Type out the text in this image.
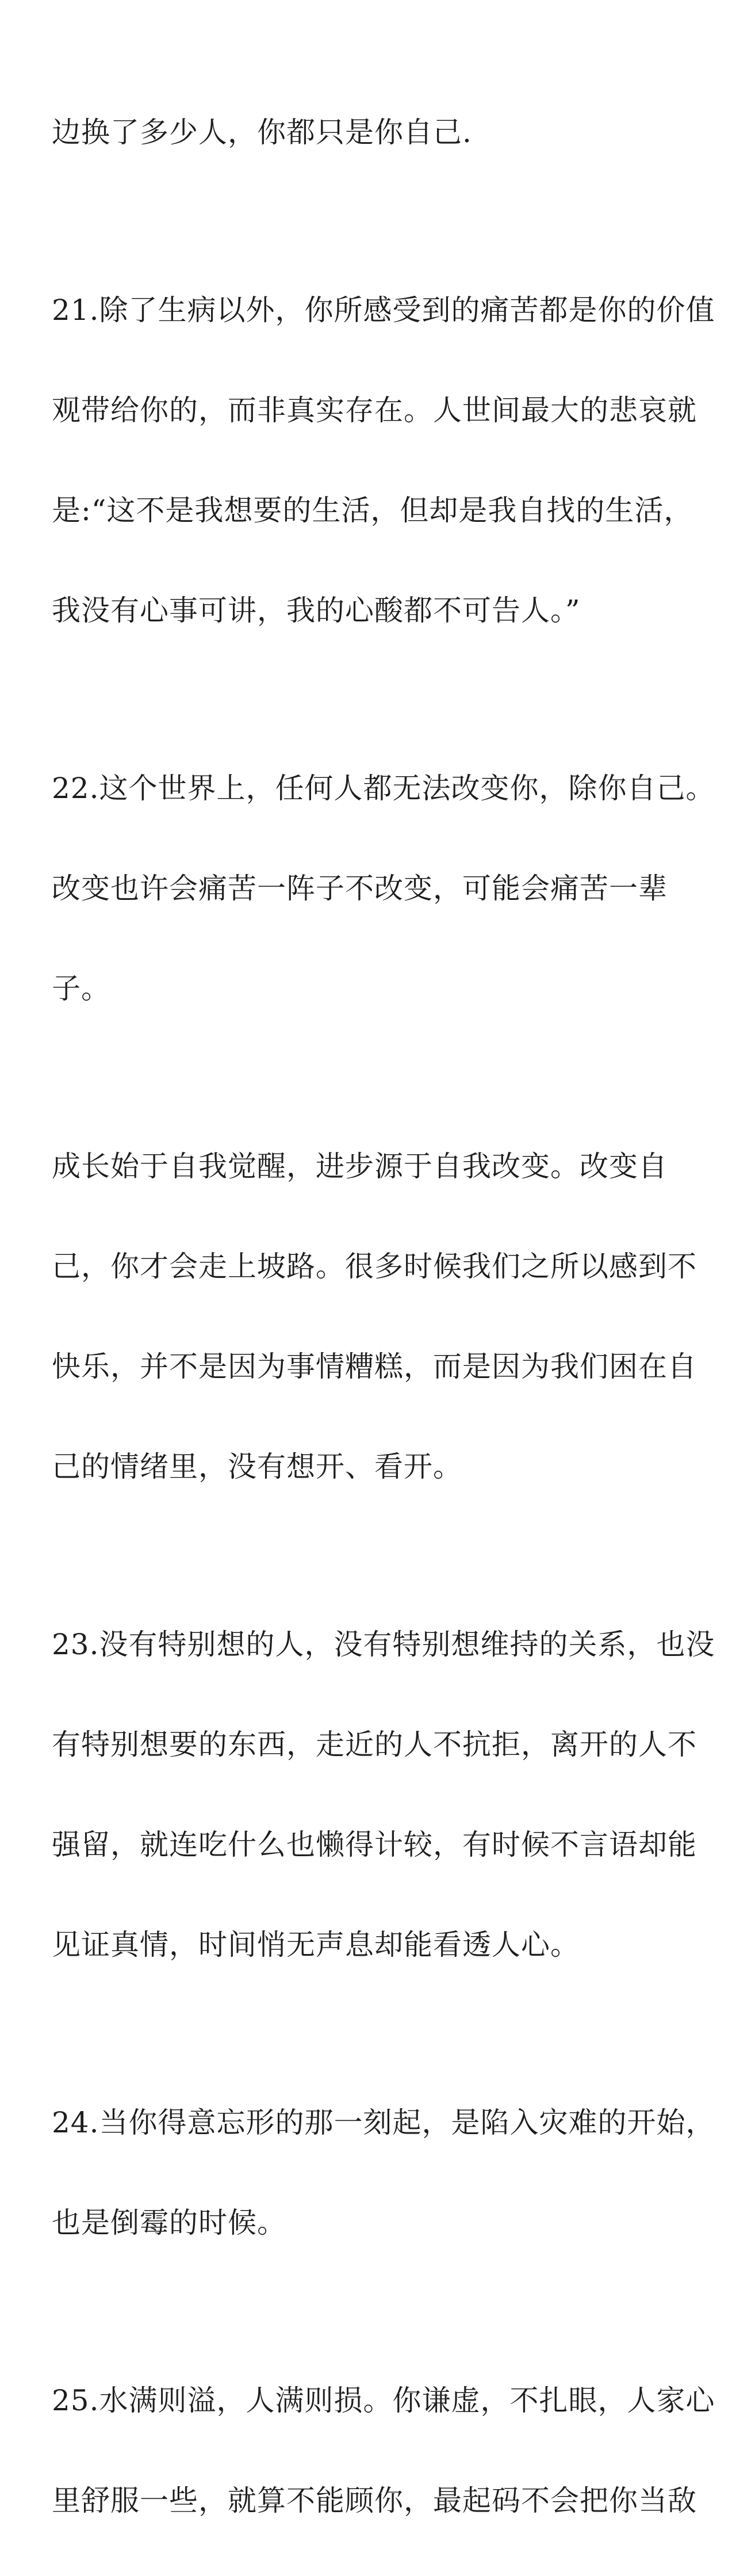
边换了多少人，你都只是你自己.

21.除了生病以外，你所感受到的痛苦都是你的价值

观带给你的，而非真实存在。人世间最大的悲哀就

是:“这不是我想要的生活，但却是我自找的生活，

我没有心事可讲，我的心酸都不可告人。”

22.这个世界上，任何人都无法改变你，除你自己。

改变也许会痛苦一阵子不改变，可能会痛苦一辈

子。

成长始于自我觉醒，进步源于自我改变。改变自

己，你才会走上坡路。很多时候我们之所以感到不

快乐，并不是因为事情糟糕，而是因为我们困在自

己的情绪里，没有想开、看开。

23.没有特别想的人，没有特别想维持的关系，也没

有特别想要的东西，走近的人不抗拒，离开的人不

强留，就连吃什么也懒得计较，有时候不言语却能

见证真情，时间悄无声息却能看透人心。

24.当你得意忘形的那一刻起，是陷入灾难的开始，

也是倒霉的时候。

25.水满则溢，人满则损。你谦虚，不扎眼，人家心

里舒服一些，就算不能顾你，最起码不会把你当敌
